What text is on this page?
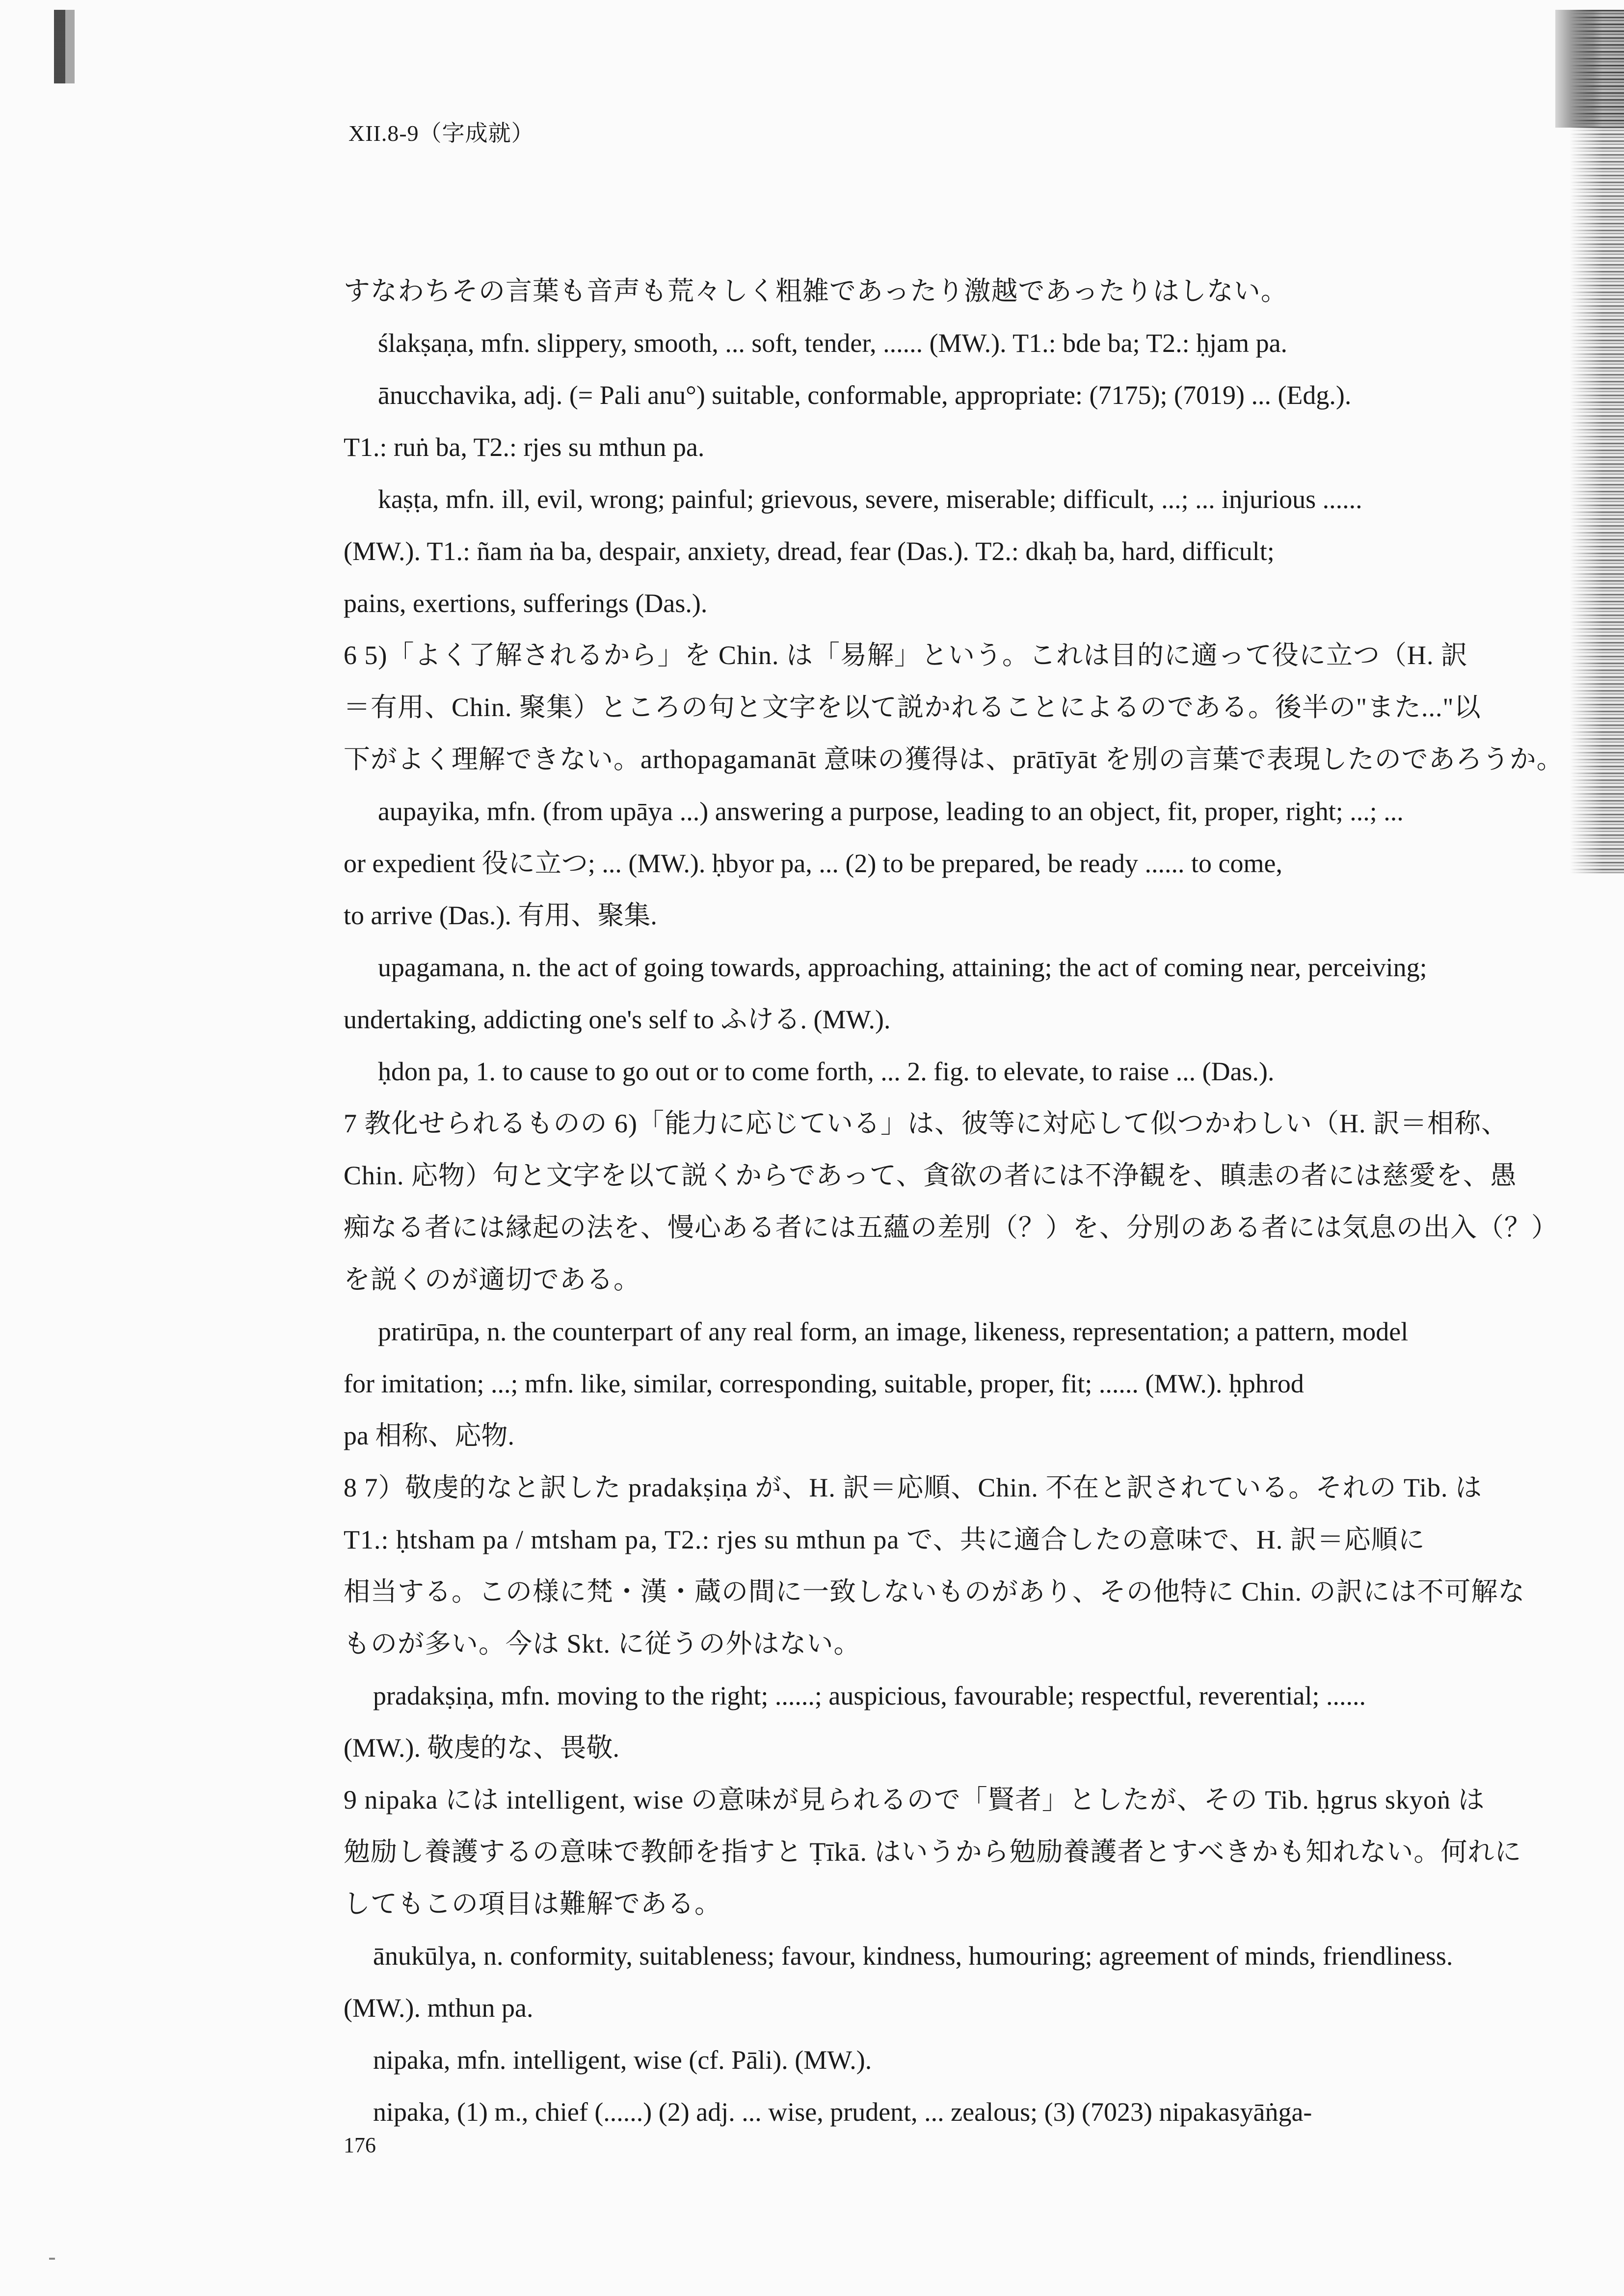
XII.8-9（字成就）
すなわちその言葉も音声も荒々しく粗雑であったり激越であったりはしない。
ślakṣaṇa, mfn. slippery, smooth, ... soft, tender, ...... (MW.). T1.: bde ba; T2.: ḥjam pa.
ānucchavika, adj. (= Pali anu°) suitable, conformable, appropriate: (7175); (7019) ... (Edg.).
T1.: ruṅ ba, T2.: rjes su mthun pa.
kaṣṭa, mfn. ill, evil, wrong; painful; grievous, severe, miserable; difficult, ...; ... injurious ......
(MW.). T1.: ñam ṅa ba, despair, anxiety, dread, fear (Das.). T2.: dkaḥ ba, hard, difficult;
pains, exertions, sufferings (Das.).
6 5)「よく了解されるから」を Chin. は「易解」という。これは目的に適って役に立つ（H. 訳
＝有用、Chin. 聚集）ところの句と文字を以て説かれることによるのである。後半の"また..."以
下がよく理解できない。arthopagamanāt 意味の獲得は、prātīyāt を別の言葉で表現したのであろうか。
aupayika, mfn. (from upāya ...) answering a purpose, leading to an object, fit, proper, right; ...; ...
or expedient 役に立つ; ... (MW.). ḥbyor pa, ... (2) to be prepared, be ready ...... to come,
to arrive (Das.). 有用、聚集.
upagamana, n. the act of going towards, approaching, attaining; the act of coming near, perceiving;
undertaking, addicting one's self to ふける. (MW.).
ḥdon pa, 1. to cause to go out or to come forth, ... 2. fig. to elevate, to raise ... (Das.).
7 教化せられるものの 6)「能力に応じている」は、彼等に対応して似つかわしい（H. 訳＝相称、
Chin. 応物）句と文字を以て説くからであって、貪欲の者には不浄観を、瞋恚の者には慈愛を、愚
痴なる者には縁起の法を、慢心ある者には五蘊の差別（？）を、分別のある者には気息の出入（？）
を説くのが適切である。
pratirūpa, n. the counterpart of any real form, an image, likeness, representation; a pattern, model
for imitation; ...; mfn. like, similar, corresponding, suitable, proper, fit; ...... (MW.). ḥphrod
pa 相称、応物.
8 7）敬虔的なと訳した pradakṣiṇa が、H. 訳＝応順、Chin. 不在と訳されている。それの Tib. は
T1.: ḥtsham pa / mtsham pa, T2.: rjes su mthun pa で、共に適合したの意味で、H. 訳＝応順に
相当する。この様に梵・漢・蔵の間に一致しないものがあり、その他特に Chin. の訳には不可解な
ものが多い。今は Skt. に従うの外はない。
pradakṣiṇa, mfn. moving to the right; ......; auspicious, favourable; respectful, reverential; ......
(MW.). 敬虔的な、畏敬.
9 nipaka には intelligent, wise の意味が見られるので「賢者」としたが、その Tib. ḥgrus skyoṅ は
勉励し養護するの意味で教師を指すと Ṭīkā. はいうから勉励養護者とすべきかも知れない。何れに
してもこの項目は難解である。
ānukūlya, n. conformity, suitableness; favour, kindness, humouring; agreement of minds, friendliness.
(MW.). mthun pa.
nipaka, mfn. intelligent, wise (cf. Pāli). (MW.).
nipaka, (1) m., chief (......) (2) adj. ... wise, prudent, ... zealous; (3) (7023) nipakasyāṅga-
176
